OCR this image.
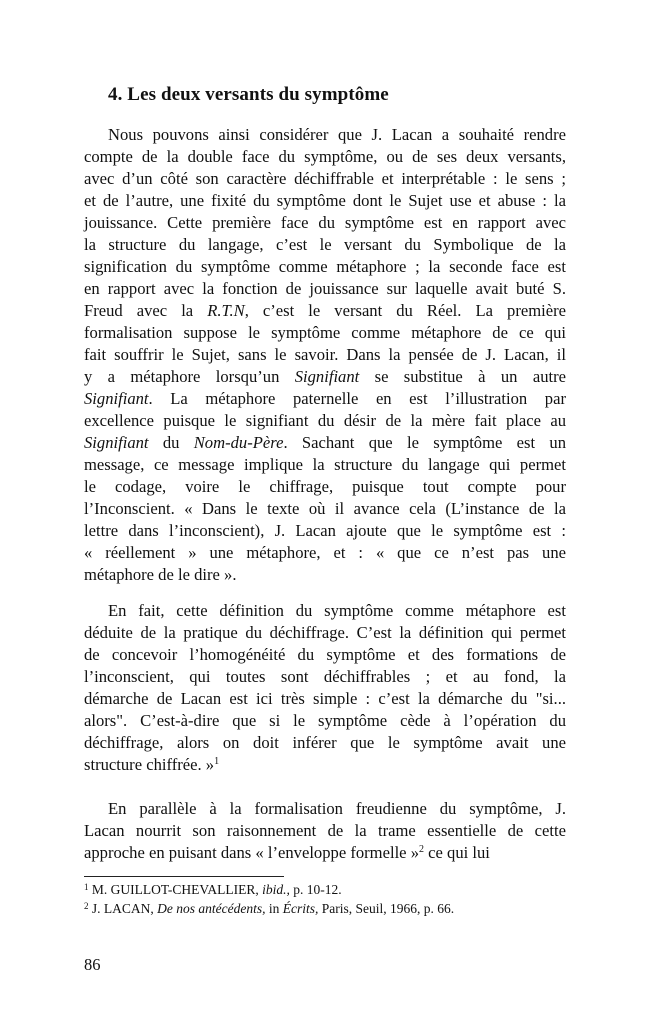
4. Les deux versants du symptôme
Nous pouvons ainsi considérer que J. Lacan a souhaité rendre
compte de la double face du symptôme, ou de ses deux versants,
avec d’un côté son caractère déchiffrable et interprétable : le sens ;
et de l’autre, une fixité du symptôme dont le Sujet use et abuse : la
jouissance. Cette première face du symptôme est en rapport avec
la structure du langage, c’est le versant du Symbolique de la
signification du symptôme comme métaphore ; la seconde face est
en rapport avec la fonction de jouissance sur laquelle avait buté S.
Freud avec la R.T.N, c’est le versant du Réel. La première
formalisation suppose le symptôme comme métaphore de ce qui
fait souffrir le Sujet, sans le savoir. Dans la pensée de J. Lacan, il
y a métaphore lorsqu’un Signifiant se substitue à un autre
Signifiant. La métaphore paternelle en est l’illustration par
excellence puisque le signifiant du désir de la mère fait place au
Signifiant du Nom-du-Père. Sachant que le symptôme est un
message, ce message implique la structure du langage qui permet
le codage, voire le chiffrage, puisque tout compte pour
l’Inconscient. « Dans le texte où il avance cela (L’instance de la
lettre dans l’inconscient), J. Lacan ajoute que le symptôme est :
« réellement » une métaphore, et : « que ce n’est pas une
métaphore de le dire ».
En fait, cette définition du symptôme comme métaphore est
déduite de la pratique du déchiffrage. C’est la définition qui permet
de concevoir l’homogénéité du symptôme et des formations de
l’inconscient, qui toutes sont déchiffrables ; et au fond, la
démarche de Lacan est ici très simple : c’est la démarche du "si...
alors". C’est-à-dire que si le symptôme cède à l’opération du
déchiffrage, alors on doit inférer que le symptôme avait une
structure chiffrée. »$^1$
En parallèle à la formalisation freudienne du symptôme, J.
Lacan nourrit son raisonnement de la trame essentielle de cette
approche en puisant dans « l’enveloppe formelle »$^2$ ce qui lui
$^1$ M. GUILLOT-CHEVALLIER, ibid., p. 10-12.
$^2$ J. LACAN, De nos antécédents, in Écrits, Paris, Seuil, 1966, p. 66.
86
